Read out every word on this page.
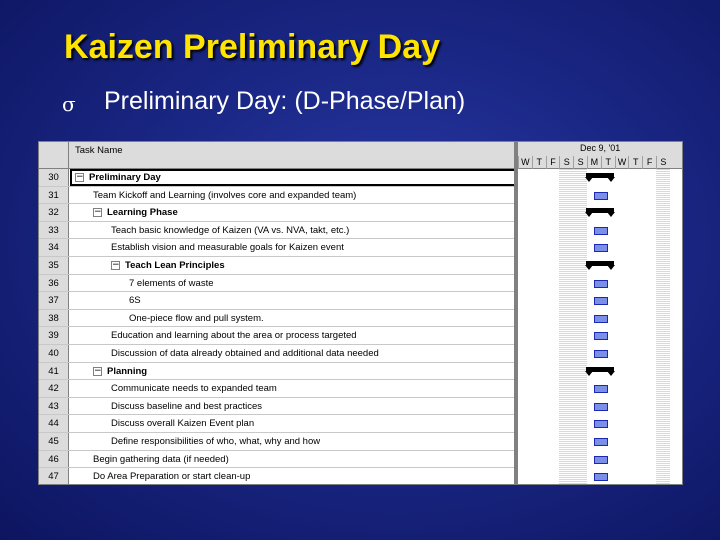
Kaizen Preliminary Day
σ	Preliminary Day: (D-Phase/Plan)
Task Name
30	− Preliminary Day
31	Team Kickoff and Learning (involves core and expanded team)
32	− Learning Phase
33	Teach basic knowledge of Kaizen (VA vs. NVA, takt, etc.)
34	Establish vision and measurable goals for Kaizen event
35	− Teach Lean Principles
36	7 elements of waste
37	6S
38	One-piece flow and pull system.
39	Education and learning about the area or process targeted
40	Discussion of data already obtained and additional data needed
41	− Planning
42	Communicate needs to expanded team
43	Discuss baseline and best practices
44	Discuss overall Kaizen Event plan
45	Define responsibilities of who, what, why and how
46	Begin gathering data (if needed)
47	Do Area Preparation or start clean-up
Dec 9, '01
W T F S S M T W T F S
